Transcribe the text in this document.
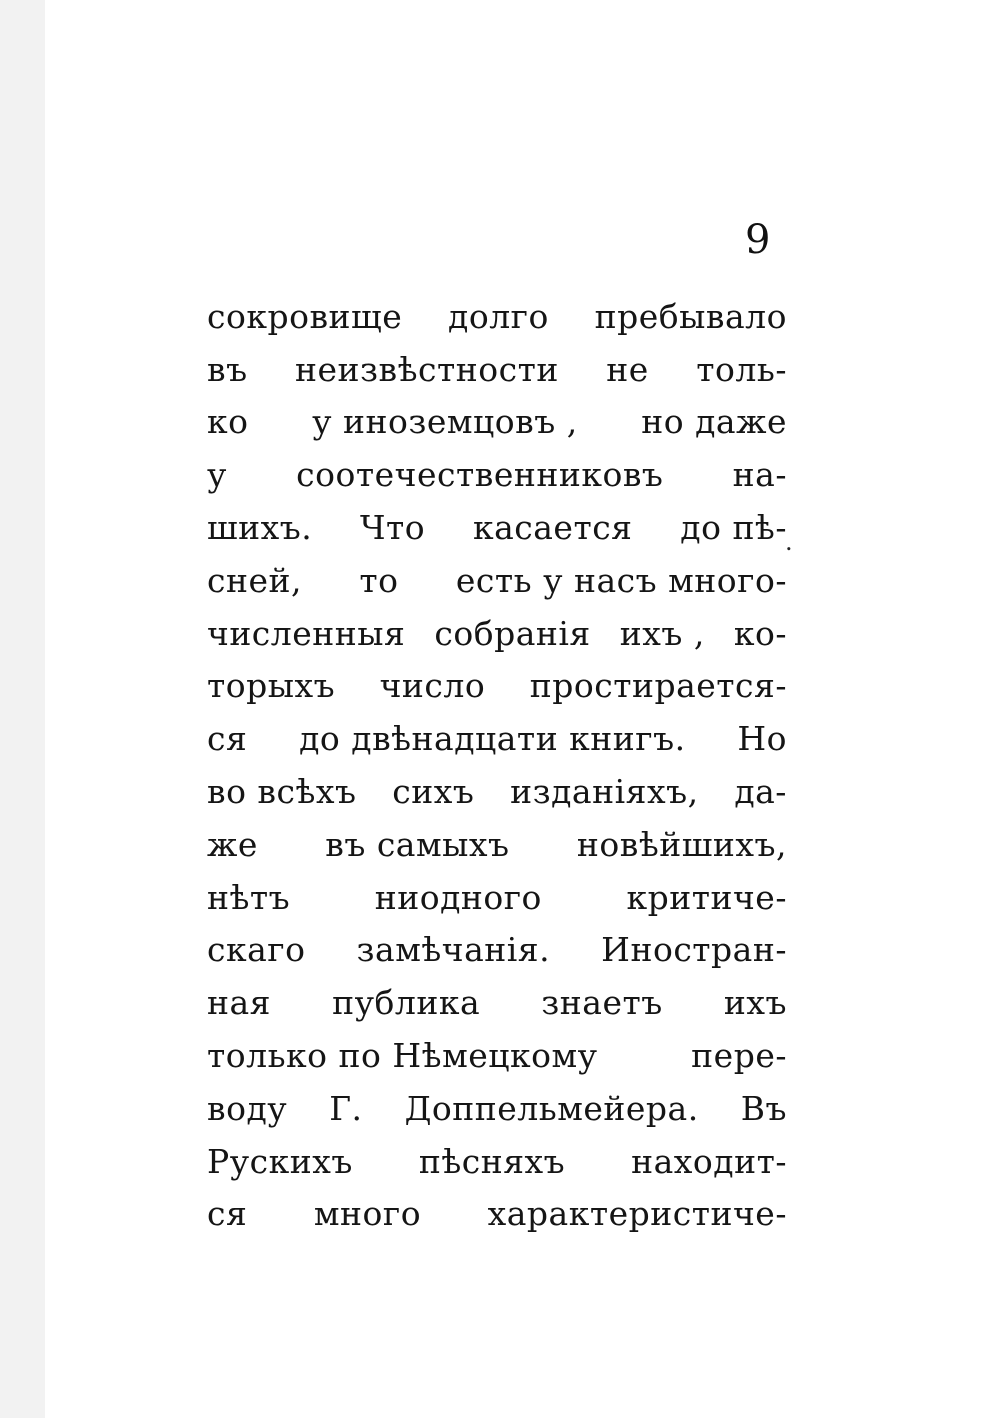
9
сокровище долго пребывало
въ неизвѣстности не толь-
ко у иноземцовъ , но даже
у соотечественниковъ на-
шихъ. Что касается до пѣ-
сней, то есть у насъ много-
численныя собранія ихъ , ко-
торыхъ число простирается-
ся до двѣнадцати книгъ. Но
во всѣхъ сихъ изданіяхъ, да-
же въ самыхъ новѣйшихъ,
нѣтъ	ниодного	критиче-
скаго замѣчанія. Иностран-
ная публика знаетъ ихъ
только по Нѣмецкому	пере-
воду Г. Доппельмейера. Въ
Рускихъ пѣсняхъ находит-
ся много характеристиче-
.
